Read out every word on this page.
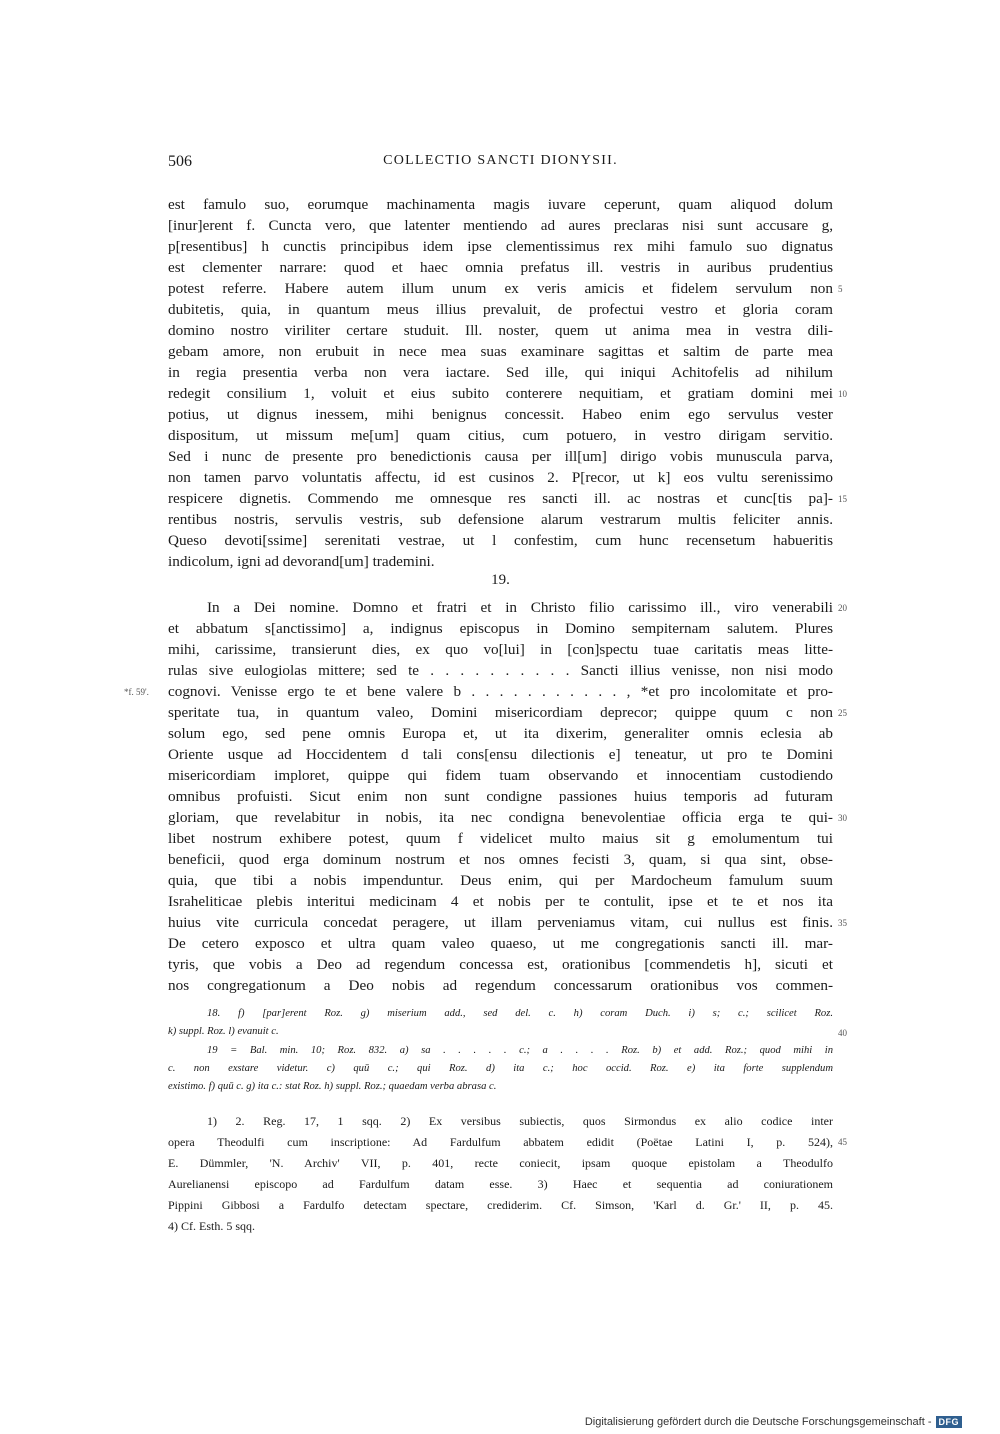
506	COLLECTIO SANCTI DIONYSII.
est famulo suo, eorumque machinamenta magis iuvare ceperunt, quam aliquod dolum
[inur]erent f. Cuncta vero, que latenter mentiendo ad aures preclaras nisi sunt accusare g,
p[resentibus] h cunctis principibus idem ipse clementissimus rex mihi famulo suo dignatus
est clementer narrare: quod et haec omnia prefatus ill. vestris in auribus prudentius
potest referre. Habere autem illum unum ex veris amicis et fidelem servulum non
dubitetis, quia, in quantum meus illius prevaluit, de profectui vestro et gloria coram
domino nostro viriliter certare studuit. Ill. noster, quem ut anima mea in vestra dili-
gebam amore, non erubuit in nece mea suas examinare sagittas et saltim de parte mea
in regia presentia verba non vera iactare. Sed ille, qui iniqui Achitofelis ad nihilum
redegit consilium 1, voluit et eius subito conterere nequitiam, et gratiam domini mei
potius, ut dignus inessem, mihi benignus concessit. Habeo enim ego servulus vester
dispositum, ut missum me[um] quam citius, cum potuero, in vestro dirigam servitio.
Sed i nunc de presente pro benedictionis causa per ill[um] dirigo vobis munuscula parva,
non tamen parvo voluntatis affectu, id est cusinos 2. P[recor, ut k] eos vultu serenissimo
respicere dignetis. Commendo me omnesque res sancti ill. ac nostras et cunc[tis pa]-
rentibus nostris, servulis vestris, sub defensione alarum vestrarum multis feliciter annis.
Queso devoti[ssime] serenitati vestrae, ut l confestim, cum hunc recensetum habueritis
indicolum, igni ad devorand[um] trademini.
5
10
15
19.
In a Dei nomine. Domno et fratri et in Christo filio carissimo ill., viro venerabili
et abbatum s[anctissimo] a, indignus episcopus in Domino sempiternam salutem. Plures
mihi, carissime, transierunt dies, ex quo vo[lui] in [con]spectu tuae caritatis meas litte-
rulas sive eulogiolas mittere; sed te . . . . . . . . . . Sancti illius venisse, non nisi modo
cognovi. Venisse ergo te et bene valere b . . . . . . . . . . . , *et pro incolomitate et pro-
speritate tua, in quantum valeo, Domini misericordiam deprecor; quippe quum c non
solum ego, sed pene omnis Europa et, ut ita dixerim, generaliter omnis eclesia ab
Oriente usque ad Hoccidentem d tali cons[ensu dilectionis e] teneatur, ut pro te Domini
misericordiam imploret, quippe qui fidem tuam observando et innocentiam custodiendo
omnibus profuisti. Sicut enim non sunt condigne passiones huius temporis ad futuram
gloriam, que revelabitur in nobis, ita nec condigna benevolentiae officia erga te qui-
libet nostrum exhibere potest, quum f videlicet multo maius sit g emolumentum tui
beneficii, quod erga dominum nostrum et nos omnes fecisti 3, quam, si qua sint, obse-
quia, que tibi a nobis impenduntur. Deus enim, qui per Mardocheum famulum suum
Israheliticae plebis interitui medicinam 4 et nobis per te contulit, ipse et te et nos ita
huius vite curricula concedat peragere, ut illam perveniamus vitam, cui nullus est finis.
De cetero exposco et ultra quam valeo quaeso, ut me congregationis sancti ill. mar-
tyris, que vobis a Deo ad regendum concessa est, orationibus [commendetis h], sicuti et
nos congregationum a Deo nobis ad regendum concessarum orationibus vos commen-
*f. 59'.
20
25
30
35
18. f) [par]erent Roz. g) miserium add., sed del. c. h) coram Duch. i) s; c.; scilicet Roz.
k) suppl. Roz. l) evanuit c.
19 = Bal. min. 10; Roz. 832. a) sa . . . . . c.; a . . . . Roz. b) et add. Roz.; quod mihi in
c. non exstare videtur. c) quū c.; qui Roz. d) ita c.; hoc occid. Roz. e) ita forte supplendum
existimo. f) quū c. g) ita c.: stat Roz. h) suppl. Roz.; quaedam verba abrasa c.
40
1) 2. Reg. 17, 1 sqq. 2) Ex versibus subiectis, quos Sirmondus ex alio codice inter
opera Theodulfi cum inscriptione: Ad Fardulfum abbatem edidit (Poëtae Latini I, p. 524),
E. Dümmler, 'N. Archiv' VII, p. 401, recte coniecit, ipsam quoque epistolam a Theodulfo
Aurelianensi episcopo ad Fardulfum datam esse. 3) Haec et sequentia ad coniurationem
Pippini Gibbosi a Fardulfo detectam spectare, crediderim. Cf. Simson, 'Karl d. Gr.' II, p. 45.
4) Cf. Esth. 5 sqq.
45
Digitalisierung gefördert durch die Deutsche Forschungsgemeinschaft - DFG
